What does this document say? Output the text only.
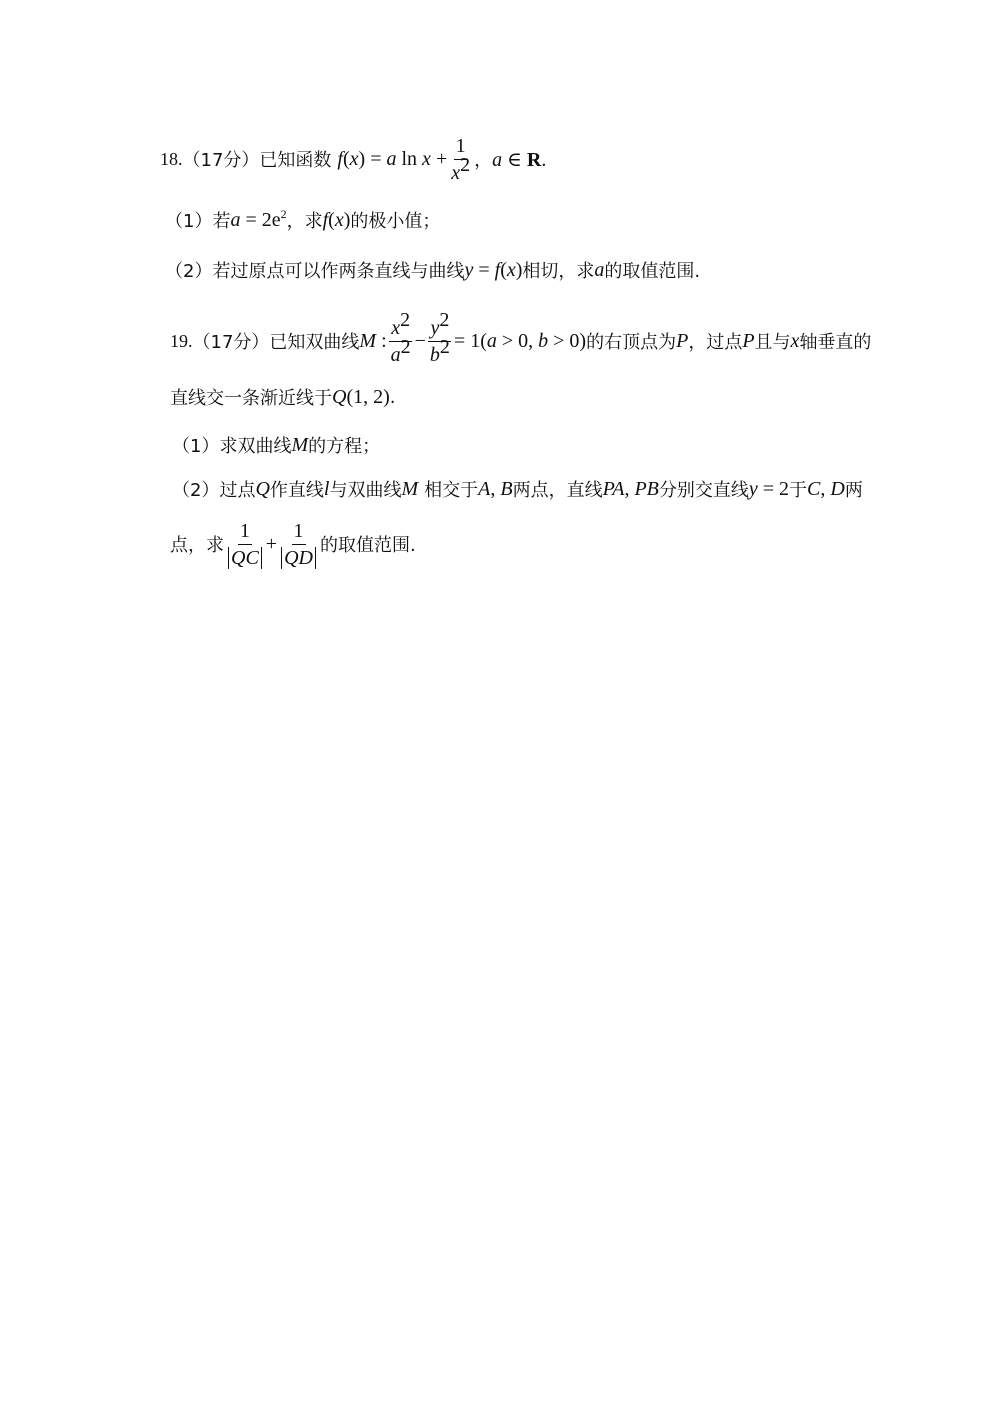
18. （17分） 已知函数 f(x) = a $\ln x + \frac{1}{x^2}$ ， a ∈ R.
（1） 若 $a = 2e^2$ ，求 f(x) 的极小值；
（2） 若过原点可以作两条直线与曲线 y = f(x) 相切，求 a 的取值范围.
19. （17分） 已知双曲线 M : $\frac{x^2}{a^2} - \frac{y^2}{b^2} = 1(a > 0$, b > 0) 的右顶点为 P ，过点 P 且与 x 轴垂直的
直线交一条渐近线于 Q(1, 2) .
（1） 求双曲线 M 的方程；
（2） 过点 Q 作直线 l 与双曲线 M 相交于 A, B 两点，直线 PA, PB 分别交直线 y = 2 于 C, D 两
点，求 $\frac{1}{QC} + \frac{1}{QD}$ 的取值范围.
